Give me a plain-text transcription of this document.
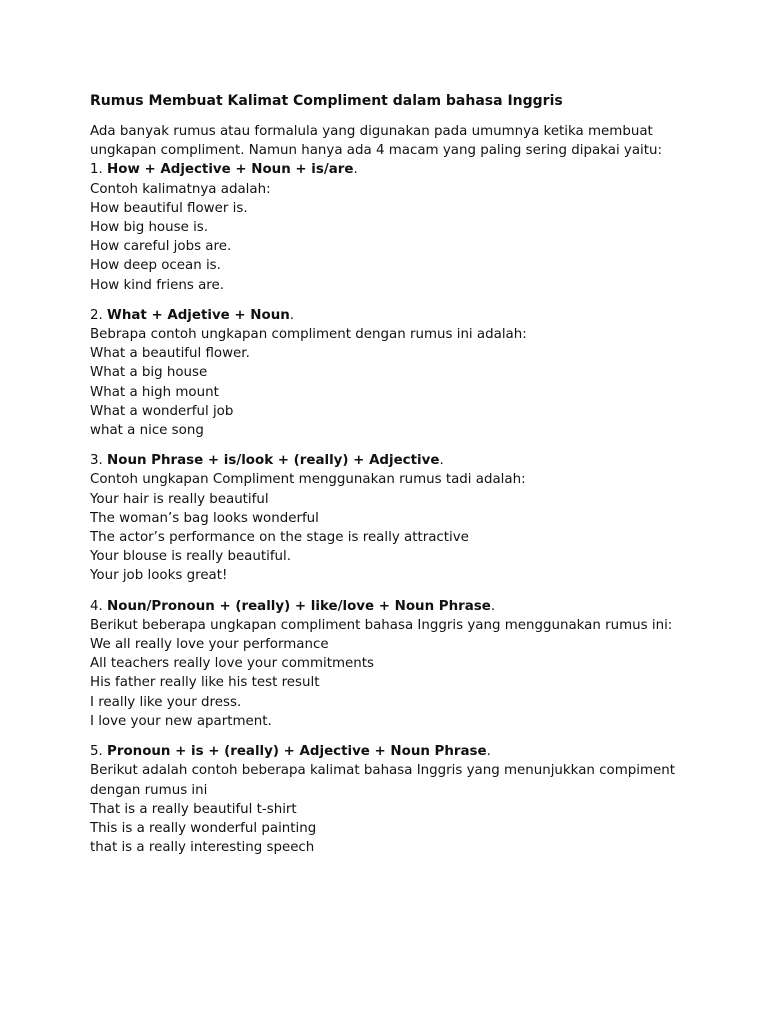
Rumus Membuat Kalimat Compliment dalam bahasa Inggris
Ada banyak rumus atau formalula yang digunakan pada umumnya ketika membuat ungkapan compliment. Namun hanya ada 4 macam yang paling sering dipakai yaitu:
1. How + Adjective + Noun + is/are.
Contoh kalimatnya adalah:
How beautiful flower is.
How big house is.
How careful jobs are.
How deep ocean is.
How kind friens are.
2. What + Adjetive + Noun.
Bebrapa contoh ungkapan compliment dengan rumus ini adalah:
What a beautiful flower.
What a big house
What a high mount
What a wonderful job
what a nice song
3. Noun Phrase + is/look + (really) + Adjective.
Contoh ungkapan Compliment menggunakan rumus tadi adalah:
Your hair is really beautiful
The woman’s bag looks wonderful
The actor’s performance on the stage is really attractive
Your blouse is really beautiful.
Your job looks great!
4. Noun/Pronoun + (really) + like/love + Noun Phrase.
Berikut beberapa ungkapan compliment bahasa Inggris yang menggunakan rumus ini:
We all really love your performance
All teachers really love your commitments
His father really like his test result
I really like your dress.
I love your new apartment.
5. Pronoun + is + (really) + Adjective + Noun Phrase.
Berikut adalah contoh beberapa kalimat bahasa Inggris yang menunjukkan compiment dengan rumus ini
That is a really beautiful t-shirt
This is a really wonderful painting
that is a really interesting speech
